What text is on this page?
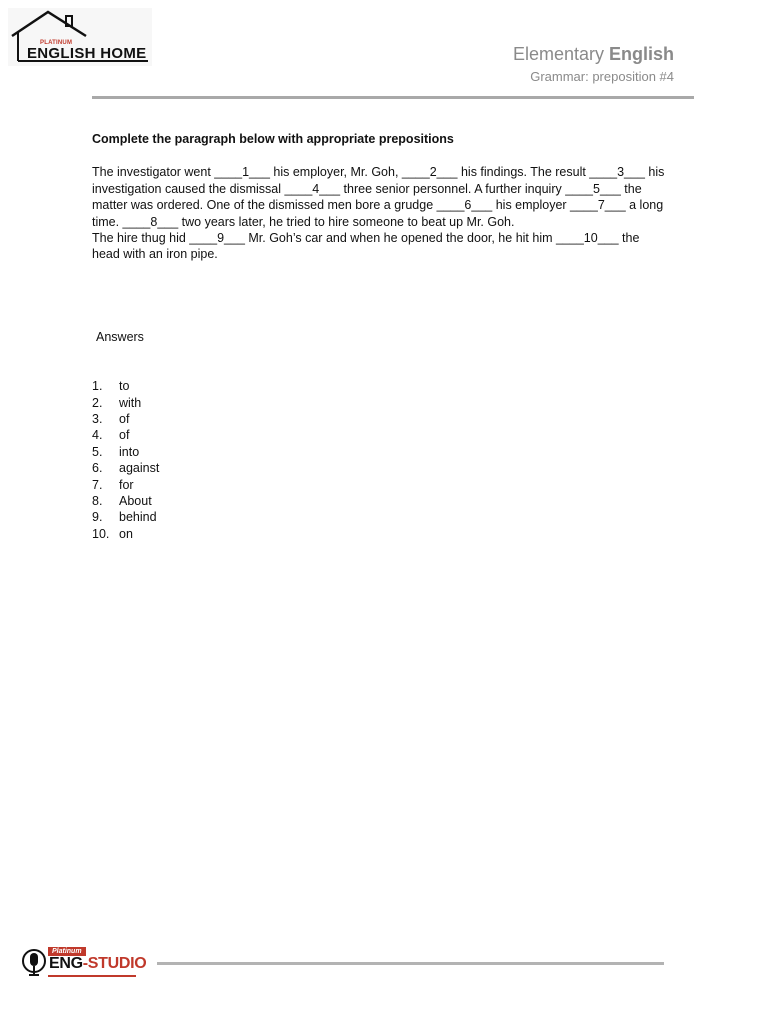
PLATINUM
ENGLISH HOME	Elementary English
Grammar: preposition #4

Complete the paragraph below with appropriate prepositions

The investigator went ____1___ his employer, Mr. Goh, ____2___ his findings. The result ____3___ his
investigation caused the dismissal ____4___ three senior personnel. A further inquiry ____5___ the
matter was ordered. One of the dismissed men bore a grudge ____6___ his employer ____7___ a long
time. ____8___ two years later, he tried to hire someone to beat up Mr. Goh.
The hire thug hid ____9___ Mr. Goh’s car and when he opened the door, he hit him ____10___ the
head with an iron pipe.

Answers
1.	to
2.	with
3.	of
4.	of
5.	into
6.	against
7.	for
8.	About
9.	behind
10. on
Platinum
ENG-STUDIO
